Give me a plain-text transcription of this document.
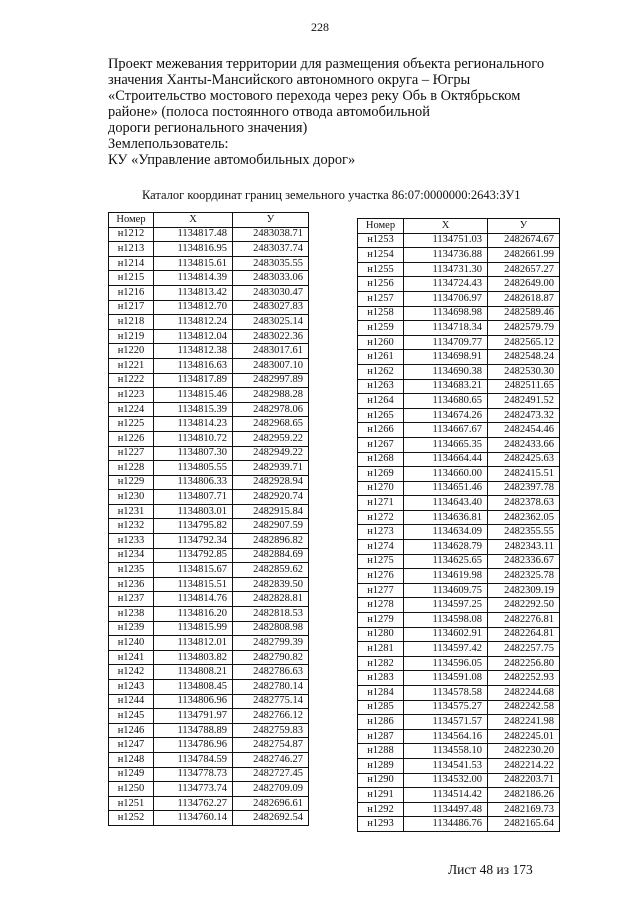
228
Проект межевания территории для размещения объекта регионального
значения Ханты-Мансийского автономного округа – Югры
«Строительство мостового перехода через реку Обь в Октябрьском
районе» (полоса постоянного отвода автомобильной
дороги регионального значения)
Землепользователь:
КУ «Управление автомобильных дорог»
Каталог координат границ земельного участка 86:07:0000000:2643:ЗУ1
Номер	X	У
н1212	1134817.48	2483038.71
н1213	1134816.95	2483037.74
н1214	1134815.61	2483035.55
н1215	1134814.39	2483033.06
н1216	1134813.42	2483030.47
н1217	1134812.70	2483027.83
н1218	1134812.24	2483025.14
н1219	1134812.04	2483022.36
н1220	1134812.38	2483017.61
н1221	1134816.63	2483007.10
н1222	1134817.89	2482997.89
н1223	1134815.46	2482988.28
н1224	1134815.39	2482978.06
н1225	1134814.23	2482968.65
н1226	1134810.72	2482959.22
н1227	1134807.30	2482949.22
н1228	1134805.55	2482939.71
н1229	1134806.33	2482928.94
н1230	1134807.71	2482920.74
н1231	1134803.01	2482915.84
н1232	1134795.82	2482907.59
н1233	1134792.34	2482896.82
н1234	1134792.85	2482884.69
н1235	1134815.67	2482859.62
н1236	1134815.51	2482839.50
н1237	1134814.76	2482828.81
н1238	1134816.20	2482818.53
н1239	1134815.99	2482808.98
н1240	1134812.01	2482799.39
н1241	1134803.82	2482790.82
н1242	1134808.21	2482786.63
н1243	1134808.45	2482780.14
н1244	1134806.96	2482775.14
н1245	1134791.97	2482766.12
н1246	1134788.89	2482759.83
н1247	1134786.96	2482754.87
н1248	1134784.59	2482746.27
н1249	1134778.73	2482727.45
н1250	1134773.74	2482709.09
н1251	1134762.27	2482696.61
н1252	1134760.14	2482692.54
Номер	X	У
н1253	1134751.03	2482674.67
н1254	1134736.88	2482661.99
н1255	1134731.30	2482657.27
н1256	1134724.43	2482649.00
н1257	1134706.97	2482618.87
н1258	1134698.98	2482589.46
н1259	1134718.34	2482579.79
н1260	1134709.77	2482565.12
н1261	1134698.91	2482548.24
н1262	1134690.38	2482530.30
н1263	1134683.21	2482511.65
н1264	1134680.65	2482491.52
н1265	1134674.26	2482473.32
н1266	1134667.67	2482454.46
н1267	1134665.35	2482433.66
н1268	1134664.44	2482425.63
н1269	1134660.00	2482415.51
н1270	1134651.46	2482397.78
н1271	1134643.40	2482378.63
н1272	1134636.81	2482362.05
н1273	1134634.09	2482355.55
н1274	1134628.79	2482343.11
н1275	1134625.65	2482336.67
н1276	1134619.98	2482325.78
н1277	1134609.75	2482309.19
н1278	1134597.25	2482292.50
н1279	1134598.08	2482276.81
н1280	1134602.91	2482264.81
н1281	1134597.42	2482257.75
н1282	1134596.05	2482256.80
н1283	1134591.08	2482252.93
н1284	1134578.58	2482244.68
н1285	1134575.27	2482242.58
н1286	1134571.57	2482241.98
н1287	1134564.16	2482245.01
н1288	1134558.10	2482230.20
н1289	1134541.53	2482214.22
н1290	1134532.00	2482203.71
н1291	1134514.42	2482186.26
н1292	1134497.48	2482169.73
н1293	1134486.76	2482165.64
Лист 48 из 173
